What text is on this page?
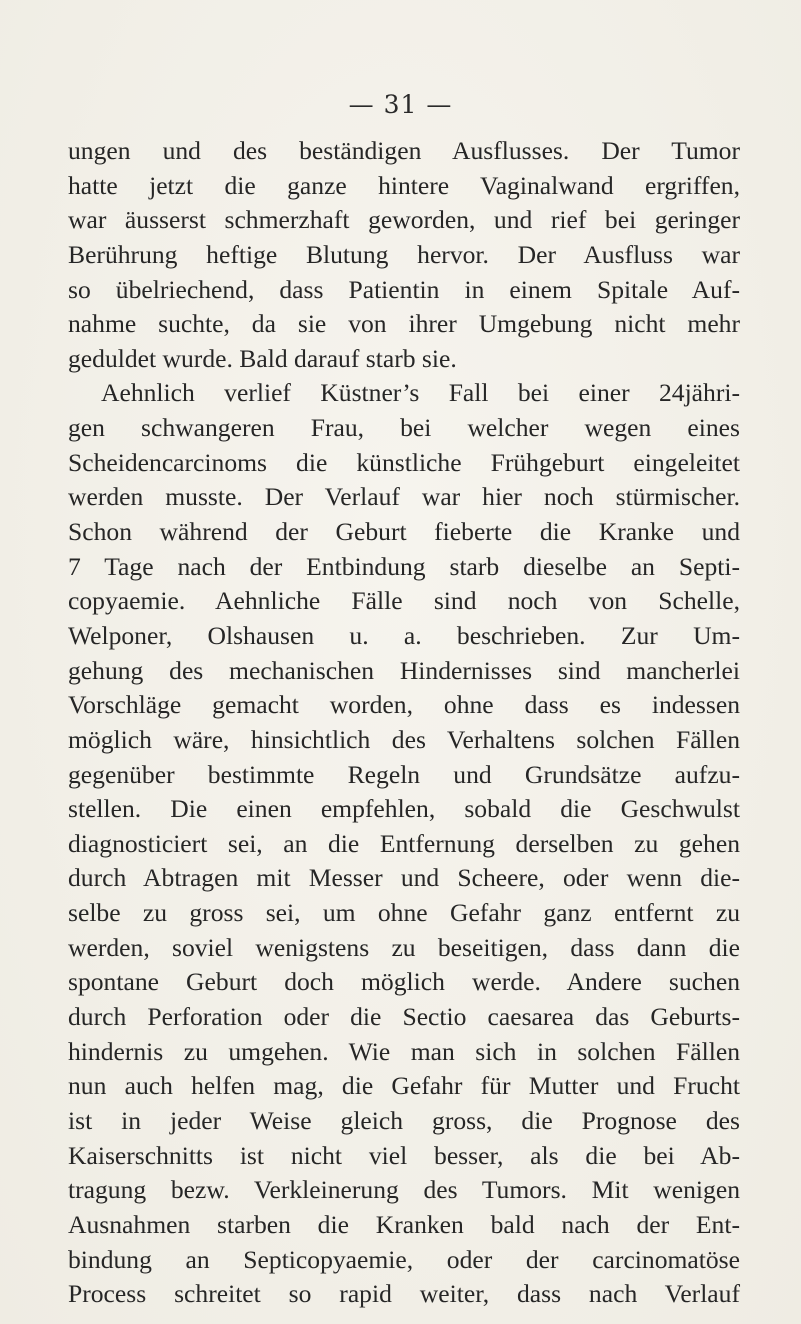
— 31 —
ungen und des beständigen Ausflusses. Der Tumor
hatte jetzt die ganze hintere Vaginalwand ergriffen,
war äusserst schmerzhaft geworden, und rief bei geringer
Berührung heftige Blutung hervor. Der Ausfluss war
so übelriechend, dass Patientin in einem Spitale Auf-
nahme suchte, da sie von ihrer Umgebung nicht mehr
geduldet wurde. Bald darauf starb sie.
Aehnlich verlief Küstner’s Fall bei einer 24jähri-
gen schwangeren Frau, bei welcher wegen eines
Scheidencarcinoms die künstliche Frühgeburt eingeleitet
werden musste. Der Verlauf war hier noch stürmischer.
Schon während der Geburt fieberte die Kranke und
7 Tage nach der Entbindung starb dieselbe an Septi-
copyaemie. Aehnliche Fälle sind noch von Schelle,
Welponer, Olshausen u. a. beschrieben. Zur Um-
gehung des mechanischen Hindernisses sind mancherlei
Vorschläge gemacht worden, ohne dass es indessen
möglich wäre, hinsichtlich des Verhaltens solchen Fällen
gegenüber bestimmte Regeln und Grundsätze aufzu-
stellen. Die einen empfehlen, sobald die Geschwulst
diagnosticiert sei, an die Entfernung derselben zu gehen
durch Abtragen mit Messer und Scheere, oder wenn die-
selbe zu gross sei, um ohne Gefahr ganz entfernt zu
werden, soviel wenigstens zu beseitigen, dass dann die
spontane Geburt doch möglich werde. Andere suchen
durch Perforation oder die Sectio caesarea das Geburts-
hindernis zu umgehen. Wie man sich in solchen Fällen
nun auch helfen mag, die Gefahr für Mutter und Frucht
ist in jeder Weise gleich gross, die Prognose des
Kaiserschnitts ist nicht viel besser, als die bei Ab-
tragung bezw. Verkleinerung des Tumors. Mit wenigen
Ausnahmen starben die Kranken bald nach der Ent-
bindung an Septicopyaemie, oder der carcinomatöse
Process schreitet so rapid weiter, dass nach Verlauf
